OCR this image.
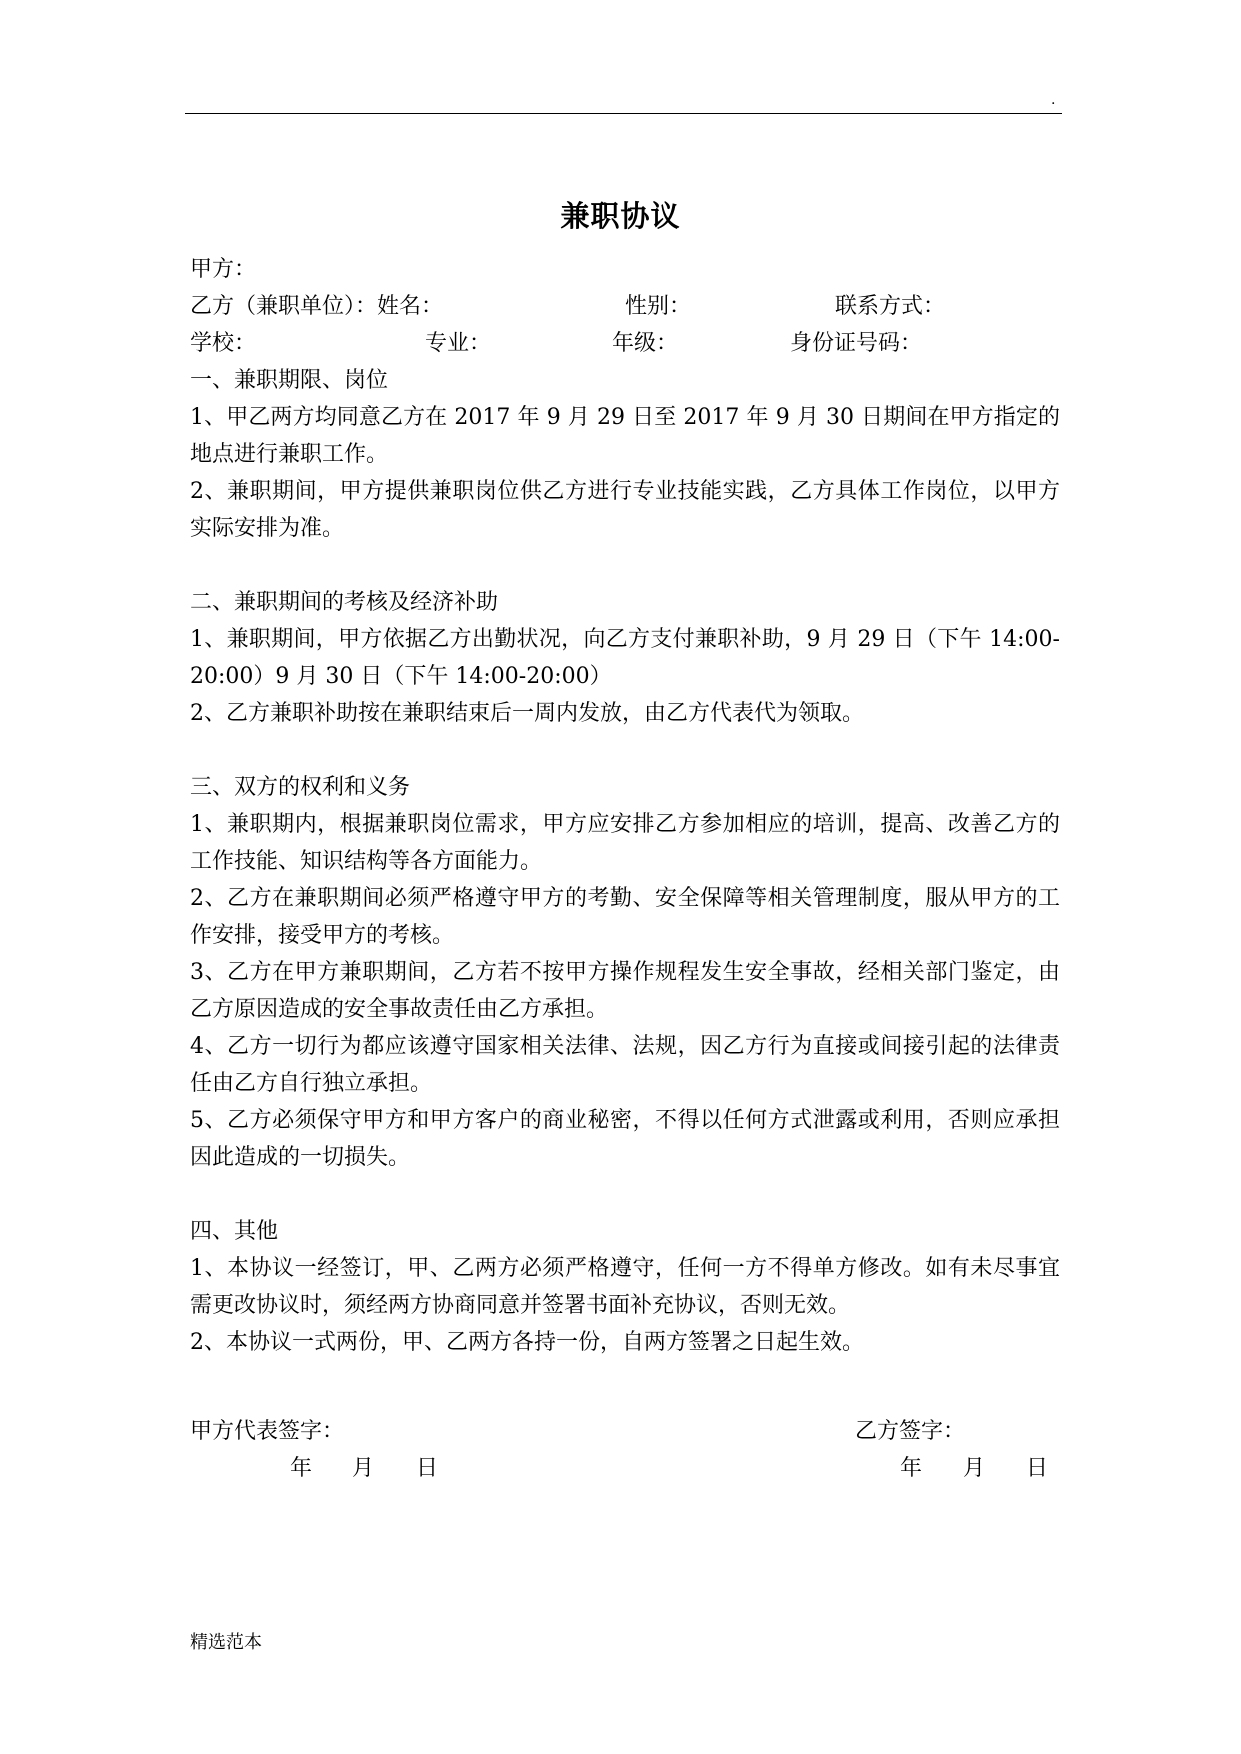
.
兼职协议
甲方：
乙方（兼职单位）：姓名：	性别：	联系方式：
学校：	专业：	年级：	身份证号码：
一、兼职期限、岗位
1、甲乙两方均同意乙方在 2017 年 9 月 29 日至 2017 年 9 月 30 日期间在甲方指定的地点进行兼职工作。
2、兼职期间，甲方提供兼职岗位供乙方进行专业技能实践，乙方具体工作岗位，以甲方实际安排为准。
二、兼职期间的考核及经济补助
1、兼职期间，甲方依据乙方出勤状况，向乙方支付兼职补助，9 月 29 日（下午 14:00-20:00）9 月 30 日（下午 14:00-20:00）
2、乙方兼职补助按在兼职结束后一周内发放，由乙方代表代为领取。
三、双方的权利和义务
1、兼职期内，根据兼职岗位需求，甲方应安排乙方参加相应的培训，提高、改善乙方的工作技能、知识结构等各方面能力。
2、乙方在兼职期间必须严格遵守甲方的考勤、安全保障等相关管理制度，服从甲方的工作安排，接受甲方的考核。
3、乙方在甲方兼职期间，乙方若不按甲方操作规程发生安全事故，经相关部门鉴定，由乙方原因造成的安全事故责任由乙方承担。
4、乙方一切行为都应该遵守国家相关法律、法规，因乙方行为直接或间接引起的法律责任由乙方自行独立承担。
5、乙方必须保守甲方和甲方客户的商业秘密，不得以任何方式泄露或利用，否则应承担因此造成的一切损失。
四、其他
1、本协议一经签订，甲、乙两方必须严格遵守，任何一方不得单方修改。如有未尽事宜需更改协议时，须经两方协商同意并签署书面补充协议，否则无效。
2、本协议一式两份，甲、乙两方各持一份，自两方签署之日起生效。
甲方代表签字：	乙方签字：
年 月 日	年 月 日
精选范本
